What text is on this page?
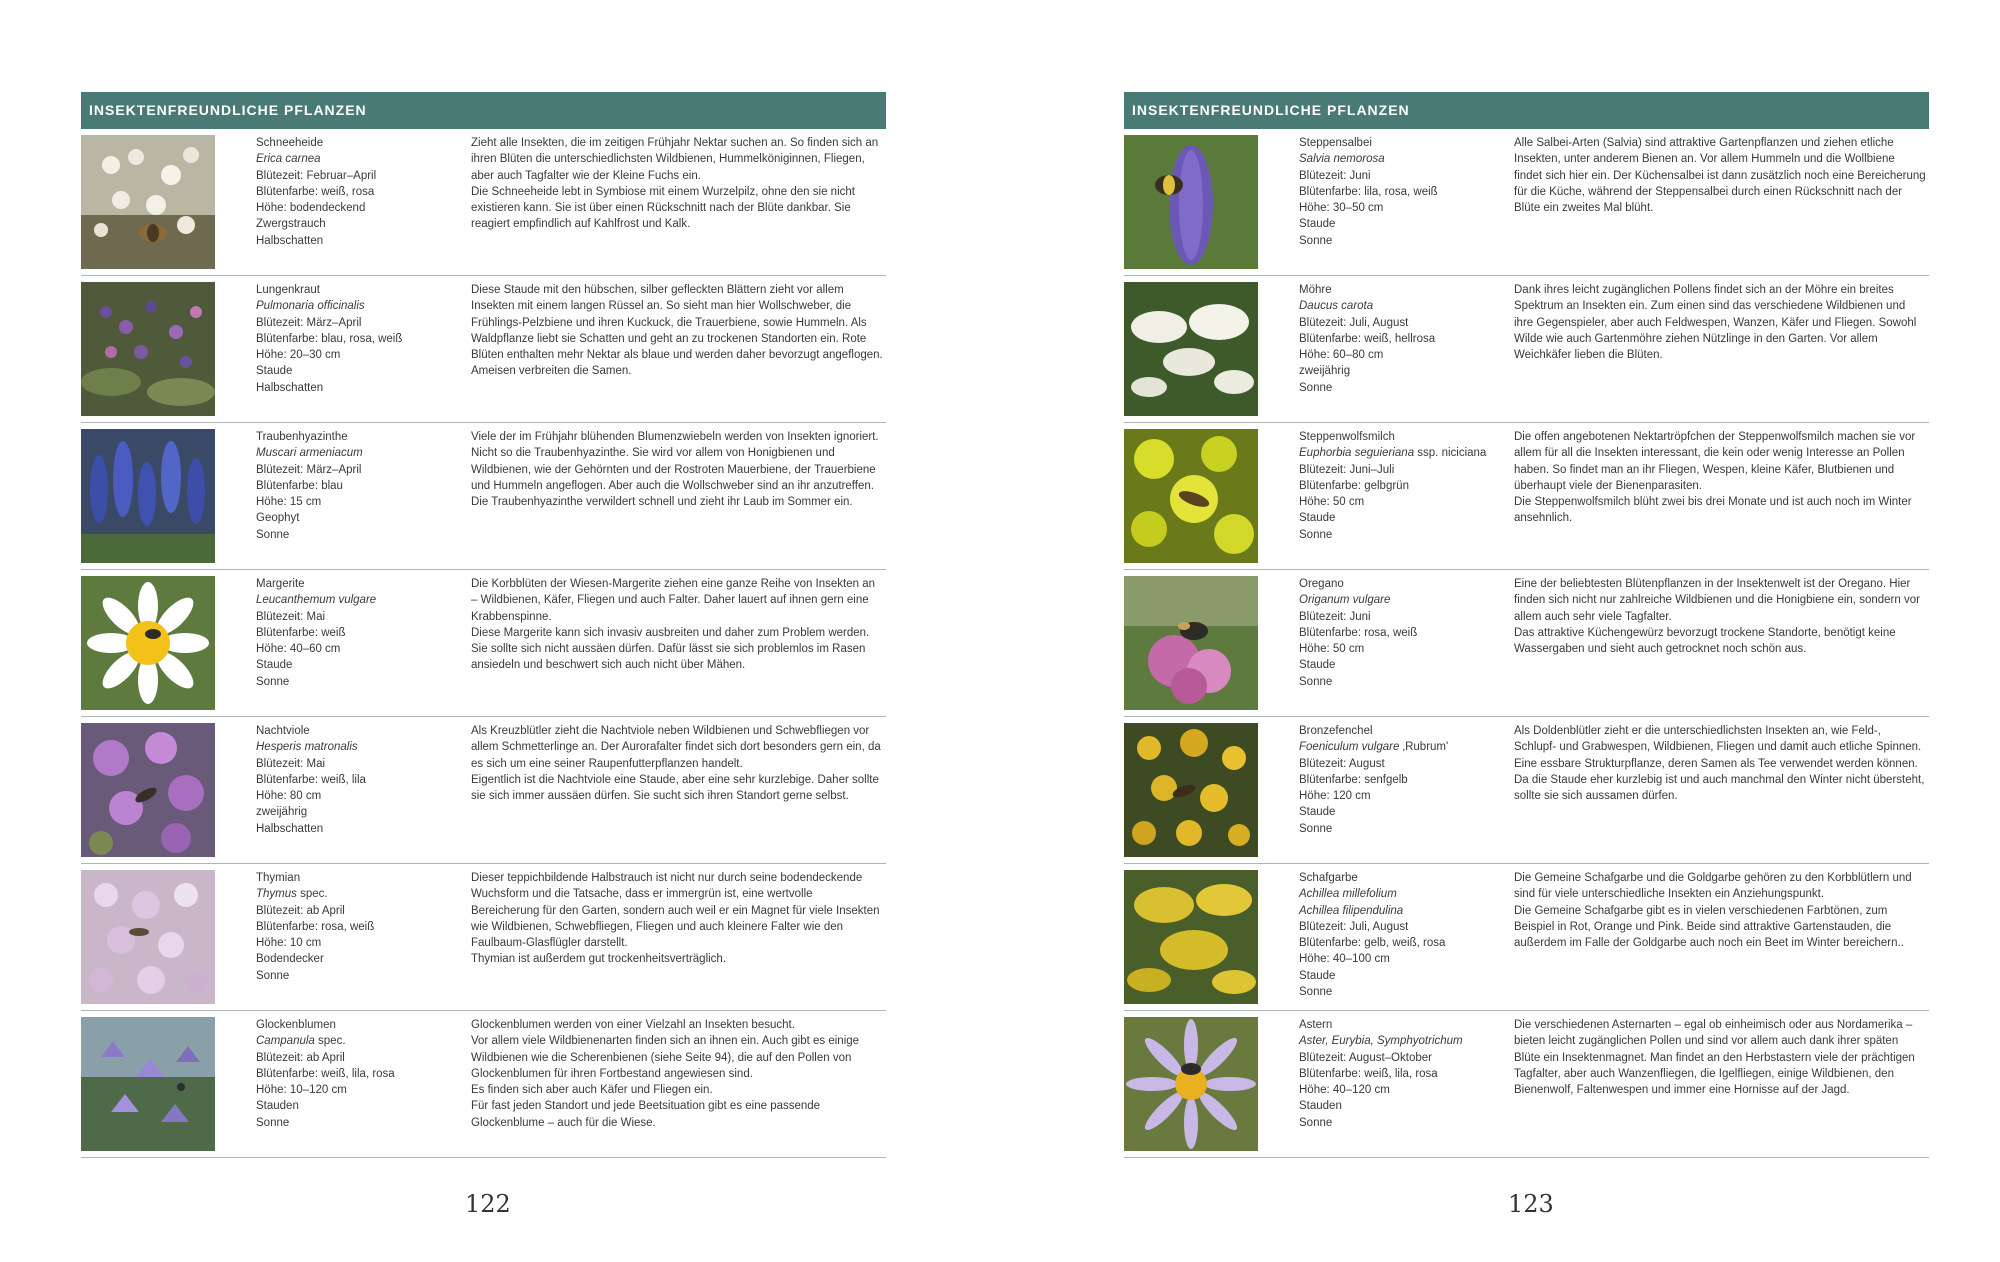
INSEKTENFREUNDLICHE PFLANZEN
Schneeheide
Erica carnea
Blütezeit: Februar–April
Blütenfarbe: weiß, rosa
Höhe: bodendeckend
Zwergstrauch
Halbschatten

Zieht alle Insekten, die im zeitigen Frühjahr Nektar suchen an. So finden sich an ihren Blüten die unterschiedlichsten Wildbienen, Hummelköniginnen, Fliegen, aber auch Tagfalter wie der Kleine Fuchs ein.

Die Schneeheide lebt in Symbiose mit einem Wurzelpilz, ohne den sie nicht existieren kann. Sie ist über einen Rückschnitt nach der Blüte dankbar. Sie reagiert empfindlich auf Kahlfrost und Kalk.

Lungenkraut
Pulmonaria officinalis
Blütezeit: März–April
Blütenfarbe: blau, rosa, weiß
Höhe: 20–30 cm
Staude
Halbschatten

Diese Staude mit den hübschen, silber gefleckten Blättern zieht vor allem Insekten mit einem langen Rüssel an. So sieht man hier Wollschweber, die Frühlings-Pelzbiene und ihren Kuckuck, die Trauerbiene, sowie Hummeln. Als Waldpflanze liebt sie Schatten und geht an zu trockenen Standorten ein. Rote Blüten enthalten mehr Nektar als blaue und werden daher bevorzugt angeflogen. Ameisen verbreiten die Samen.

Traubenhyazinthe
Muscari armeniacum
Blütezeit: März–April
Blütenfarbe: blau
Höhe: 15 cm
Geophyt
Sonne

Viele der im Frühjahr blühenden Blumenzwiebeln werden von Insekten ignoriert. Nicht so die Traubenhyazinthe. Sie wird vor allem von Honigbienen und Wildbienen, wie der Gehörnten und der Rostroten Mauerbiene, der Trauerbiene und Hummeln angeflogen. Aber auch die Wollschweber sind an ihr anzutreffen.

Die Traubenhyazinthe verwildert schnell und zieht ihr Laub im Sommer ein.

Margerite
Leucanthemum vulgare
Blütezeit: Mai
Blütenfarbe: weiß
Höhe: 40–60 cm
Staude
Sonne

Die Korbblüten der Wiesen-Margerite ziehen eine ganze Reihe von Insekten an – Wildbienen, Käfer, Fliegen und auch Falter. Daher lauert auf ihnen gern eine Krabbenspinne.

Diese Margerite kann sich invasiv ausbreiten und daher zum Problem werden. Sie sollte sich nicht aussäen dürfen. Dafür lässt sie sich problemlos im Rasen ansiedeln und beschwert sich auch nicht über Mähen.

Nachtviole
Hesperis matronalis
Blütezeit: Mai
Blütenfarbe: weiß, lila
Höhe: 80 cm
zweijährig
Halbschatten

Als Kreuzblütler zieht die Nachtviole neben Wildbienen und Schwebfliegen vor allem Schmetterlinge an. Der Aurorafalter findet sich dort besonders gern ein, da es sich um eine seiner Raupenfutterpflanzen handelt.

Eigentlich ist die Nachtviole eine Staude, aber eine sehr kurzlebige. Daher sollte sie sich immer aussäen dürfen. Sie sucht sich ihren Standort gerne selbst.

Thymian
Thymus spec.
Blütezeit: ab April
Blütenfarbe: rosa, weiß
Höhe: 10 cm
Bodendecker
Sonne

Dieser teppichbildende Halbstrauch ist nicht nur durch seine bodendeckende Wuchsform und die Tatsache, dass er immergrün ist, eine wertvolle Bereicherung für den Garten, sondern auch weil er ein Magnet für viele Insekten wie Wildbienen, Schwebfliegen, Fliegen und auch kleinere Falter wie den Faulbaum-Glasflügler darstellt.

Thymian ist außerdem gut trockenheitsverträglich.

Glockenblumen
Campanula spec.
Blütezeit: ab April
Blütenfarbe: weiß, lila, rosa
Höhe: 10–120 cm
Stauden
Sonne

Glockenblumen werden von einer Vielzahl an Insekten besucht.

Vor allem viele Wildbienenarten finden sich an ihnen ein. Auch gibt es einige Wildbienen wie die Scherenbienen (siehe Seite 94), die auf den Pollen von Glockenblumen für ihren Fortbestand angewiesen sind.

Es finden sich aber auch Käfer und Fliegen ein.

Für fast jeden Standort und jede Beetsituation gibt es eine passende Glockenblume – auch für die Wiese.

122
INSEKTENFREUNDLICHE PFLANZEN
Steppensalbei
Salvia nemorosa
Blütezeit: Juni
Blütenfarbe: lila, rosa, weiß
Höhe: 30–50 cm
Staude
Sonne

Alle Salbei-Arten (Salvia) sind attraktive Gartenpflanzen und ziehen etliche Insekten, unter anderem Bienen an. Vor allem Hummeln und die Wollbiene findet sich hier ein. Der Küchensalbei ist dann zusätzlich noch eine Bereicherung für die Küche, während der Steppensalbei durch einen Rückschnitt nach der Blüte ein zweites Mal blüht.

Möhre
Daucus carota
Blütezeit: Juli, August
Blütenfarbe: weiß, hellrosa
Höhe: 60–80 cm
zweijährig
Sonne

Dank ihres leicht zugänglichen Pollens findet sich an der Möhre ein breites Spektrum an Insekten ein. Zum einen sind das verschiedene Wildbienen und ihre Gegenspieler, aber auch Feldwespen, Wanzen, Käfer und Fliegen. Sowohl Wilde wie auch Gartenmöhre ziehen Nützlinge in den Garten. Vor allem Weichkäfer lieben die Blüten.

Steppenwolfsmilch
Euphorbia seguieriana ssp. niciciana
Blütezeit: Juni–Juli
Blütenfarbe: gelbgrün
Höhe: 50 cm
Staude
Sonne

Die offen angebotenen Nektartröpfchen der Steppenwolfsmilch machen sie vor allem für all die Insekten interessant, die kein oder wenig Interesse an Pollen haben. So findet man an ihr Fliegen, Wespen, kleine Käfer, Blutbienen und überhaupt viele der Bienenparasiten.

Die Steppenwolfsmilch blüht zwei bis drei Monate und ist auch noch im Winter ansehnlich.

Oregano
Origanum vulgare
Blütezeit: Juni
Blütenfarbe: rosa, weiß
Höhe: 50 cm
Staude
Sonne

Eine der beliebtesten Blütenpflanzen in der Insektenwelt ist der Oregano. Hier finden sich nicht nur zahlreiche Wildbienen und die Honigbiene ein, sondern vor allem auch sehr viele Tagfalter.

Das attraktive Küchengewürz bevorzugt trockene Standorte, benötigt keine Wassergaben und sieht auch getrocknet noch schön aus.

Bronzefenchel
Foeniculum vulgare ‚Rubrum'
Blütezeit: August
Blütenfarbe: senfgelb
Höhe: 120 cm
Staude
Sonne

Als Doldenblütler zieht er die unterschiedlichsten Insekten an, wie Feld-, Schlupf- und Grabwespen, Wildbienen, Fliegen und damit auch etliche Spinnen. Eine essbare Strukturpflanze, deren Samen als Tee verwendet werden können.

Da die Staude eher kurzlebig ist und auch manchmal den Winter nicht übersteht, sollte sie sich aussamen dürfen.

Schafgarbe
Achillea millefolium
Achillea filipendulina
Blütezeit: Juli, August
Blütenfarbe: gelb, weiß, rosa
Höhe: 40–100 cm
Staude
Sonne

Die Gemeine Schafgarbe und die Goldgarbe gehören zu den Korbblütlern und sind für viele unterschiedliche Insekten ein Anziehungspunkt.

Die Gemeine Schafgarbe gibt es in vielen verschiedenen Farbtönen, zum Beispiel in Rot, Orange und Pink. Beide sind attraktive Gartenstauden, die außerdem im Falle der Goldgarbe auch noch ein Beet im Winter bereichern..

Astern
Aster, Eurybia, Symphyotrichum
Blütezeit: August–Oktober
Blütenfarbe: weiß, lila, rosa
Höhe: 40–120 cm
Stauden
Sonne

Die verschiedenen Asternarten – egal ob einheimisch oder aus Nordamerika – bieten leicht zugänglichen Pollen und sind vor allem auch dank ihrer späten Blüte ein Insektenmagnet. Man findet an den Herbstastern viele der prächtigen Tagfalter, aber auch Wanzenfliegen, die Igelfliegen, einige Wildbienen, den Bienenwolf, Faltenwespen und immer eine Hornisse auf der Jagd.

123
